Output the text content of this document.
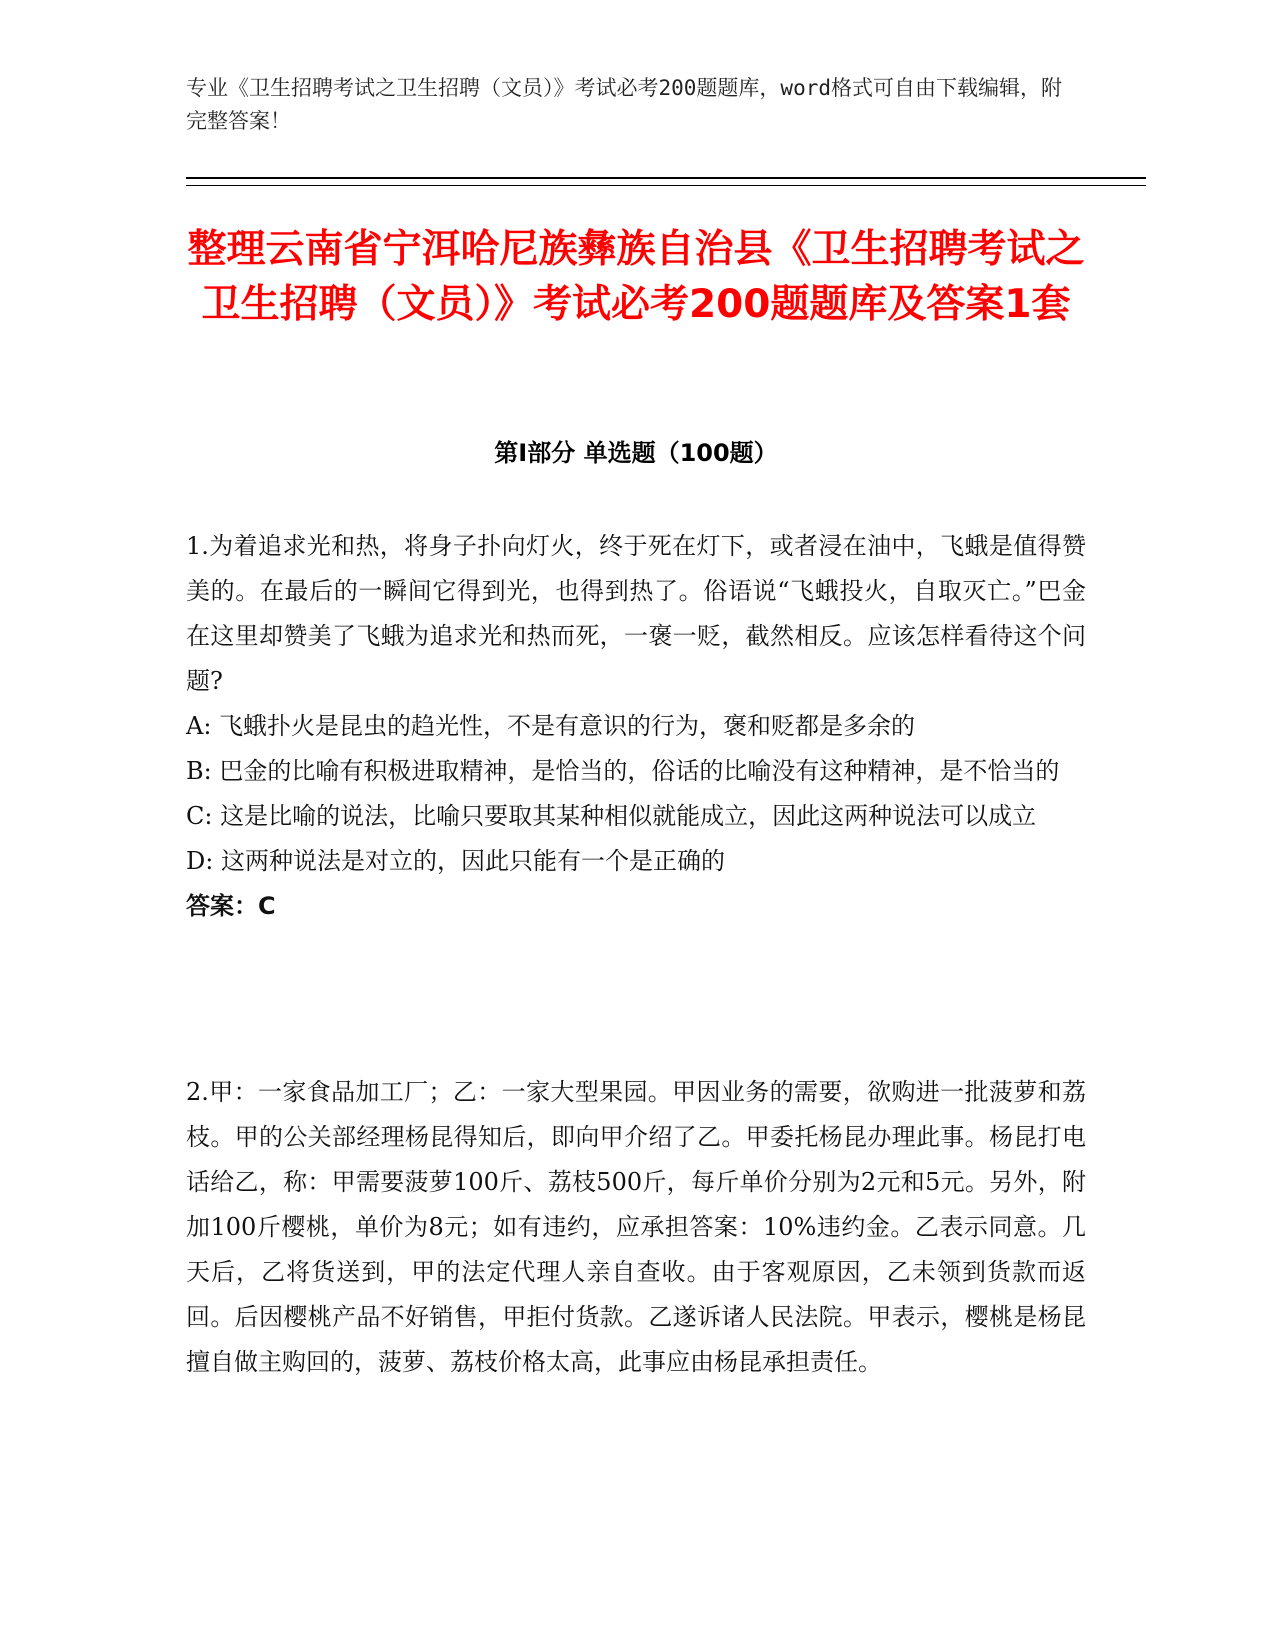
专业《卫生招聘考试之卫生招聘（文员）》考试必考200题题库，word格式可自由下载编辑，附完整答案！
整理云南省宁洱哈尼族彝族自治县《卫生招聘考试之卫生招聘（文员）》考试必考200题题库及答案1套
第I部分 单选题（100题）

1.为着追求光和热，将身子扑向灯火，终于死在灯下，或者浸在油中，飞蛾是值得赞美的。在最后的一瞬间它得到光，也得到热了。俗语说“飞蛾投火，自取灭亡。”巴金在这里却赞美了飞蛾为追求光和热而死，一褒一贬，截然相反。应该怎样看待这个问题?

A: 飞蛾扑火是昆虫的趋光性，不是有意识的行为，褒和贬都是多余的

B: 巴金的比喻有积极进取精神，是恰当的，俗话的比喻没有这种精神，是不恰当的

C: 这是比喻的说法，比喻只要取其某种相似就能成立，因此这两种说法可以成立

D: 这两种说法是对立的，因此只能有一个是正确的

答案：C

2.甲：一家食品加工厂；乙：一家大型果园。甲因业务的需要，欲购进一批菠萝和荔枝。甲的公关部经理杨昆得知后，即向甲介绍了乙。甲委托杨昆办理此事。杨昆打电话给乙，称：甲需要菠萝100斤、荔枝500斤，每斤单价分别为2元和5元。另外，附加100斤樱桃，单价为8元；如有违约，应承担答案：10%违约金。乙表示同意。几天后，乙将货送到，甲的法定代理人亲自查收。由于客观原因，乙未领到货款而返回。后因樱桃产品不好销售，甲拒付货款。乙遂诉诸人民法院。甲表示，樱桃是杨昆擅自做主购回的，菠萝、荔枝价格太高，此事应由杨昆承担责任。
